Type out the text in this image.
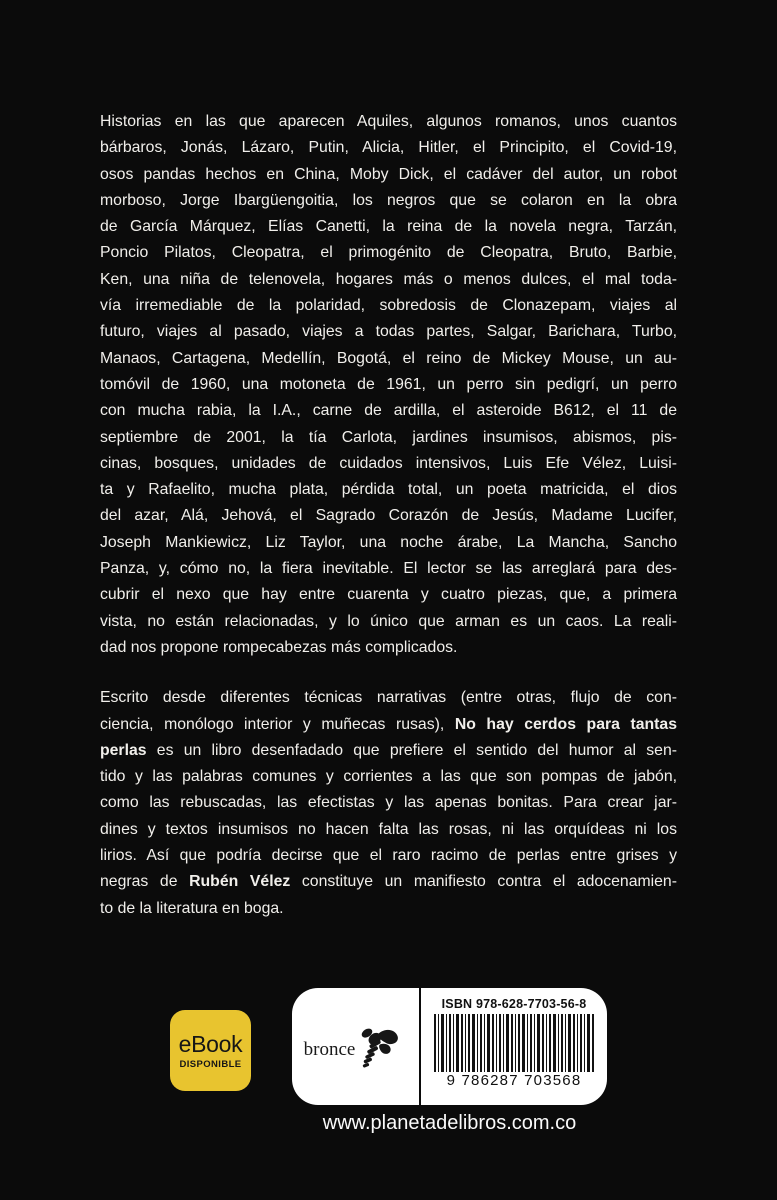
Historias en las que aparecen Aquiles, algunos romanos, unos cuantos
bárbaros, Jonás, Lázaro, Putin, Alicia, Hitler, el Principito, el Covid-19,
osos pandas hechos en China, Moby Dick, el cadáver del autor, un robot
morboso, Jorge Ibargüengoitia, los negros que se colaron en la obra
de García Márquez, Elías Canetti, la reina de la novela negra, Tarzán,
Poncio Pilatos, Cleopatra, el primogénito de Cleopatra, Bruto, Barbie,
Ken, una niña de telenovela, hogares más o menos dulces, el mal toda-
vía irremediable de la polaridad, sobredosis de Clonazepam, viajes al
futuro, viajes al pasado, viajes a todas partes, Salgar, Barichara, Turbo,
Manaos, Cartagena, Medellín, Bogotá, el reino de Mickey Mouse, un au-
tomóvil de 1960, una motoneta de 1961, un perro sin pedigrí, un perro
con mucha rabia, la I.A., carne de ardilla, el asteroide B612, el 11 de
septiembre de 2001, la tía Carlota, jardines insumisos, abismos, pis-
cinas, bosques, unidades de cuidados intensivos, Luis Efe Vélez, Luisi-
ta y Rafaelito, mucha plata, pérdida total, un poeta matricida, el dios
del azar, Alá, Jehová, el Sagrado Corazón de Jesús, Madame Lucifer,
Joseph Mankiewicz, Liz Taylor, una noche árabe, La Mancha, Sancho
Panza, y, cómo no, la fiera inevitable. El lector se las arreglará para des-
cubrir el nexo que hay entre cuarenta y cuatro piezas, que, a primera
vista, no están relacionadas, y lo único que arman es un caos. La reali-
dad nos propone rompecabezas más complicados.
Escrito desde diferentes técnicas narrativas (entre otras, flujo de con-
ciencia, monólogo interior y muñecas rusas), No hay cerdos para tantas
perlas es un libro desenfadado que prefiere el sentido del humor al sen-
tido y las palabras comunes y corrientes a las que son pompas de jabón,
como las rebuscadas, las efectistas y las apenas bonitas. Para crear jar-
dines y textos insumisos no hacen falta las rosas, ni las orquídeas ni los
lirios. Así que podría decirse que el raro racimo de perlas entre grises y
negras de Rubén Vélez constituye un manifiesto contra el adocenamien-
to de la literatura en boga.
eBook
DISPONIBLE
bronce
ISBN 978-628-7703-56-8
9 786287 703568
www.planetadelibros.com.co
